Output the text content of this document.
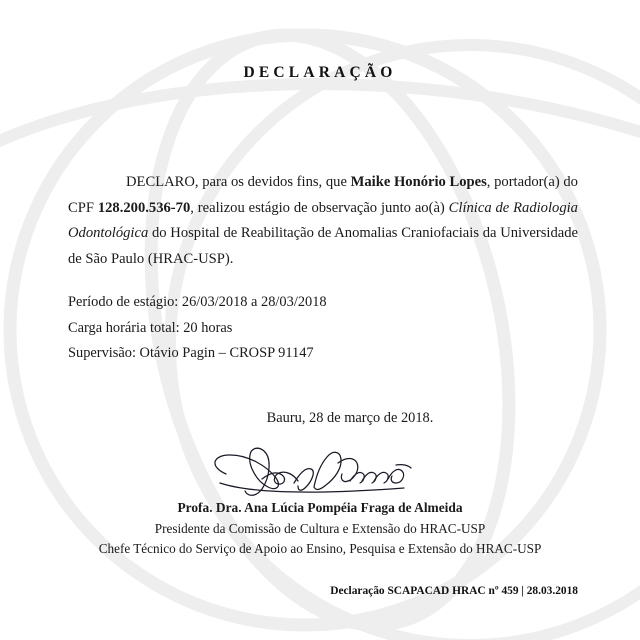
DECLARAÇÃO
DECLARO, para os devidos fins, que Maike Honório Lopes, portador(a) do CPF 128.200.536-70, realizou estágio de observação junto ao(à) Clínica de Radiologia Odontológica do Hospital de Reabilitação de Anomalias Craniofaciais da Universidade de São Paulo (HRAC-USP).
Período de estágio: 26/03/2018 a 28/03/2018
Carga horária total: 20 horas
Supervisão: Otávio Pagin – CROSP 91147
Bauru, 28 de março de 2018.
Profa. Dra. Ana Lúcia Pompéia Fraga de Almeida
Presidente da Comissão de Cultura e Extensão do HRAC-USP
Chefe Técnico do Serviço de Apoio ao Ensino, Pesquisa e Extensão do HRAC-USP
Declaração SCAPACAD HRAC nº 459 | 28.03.2018
